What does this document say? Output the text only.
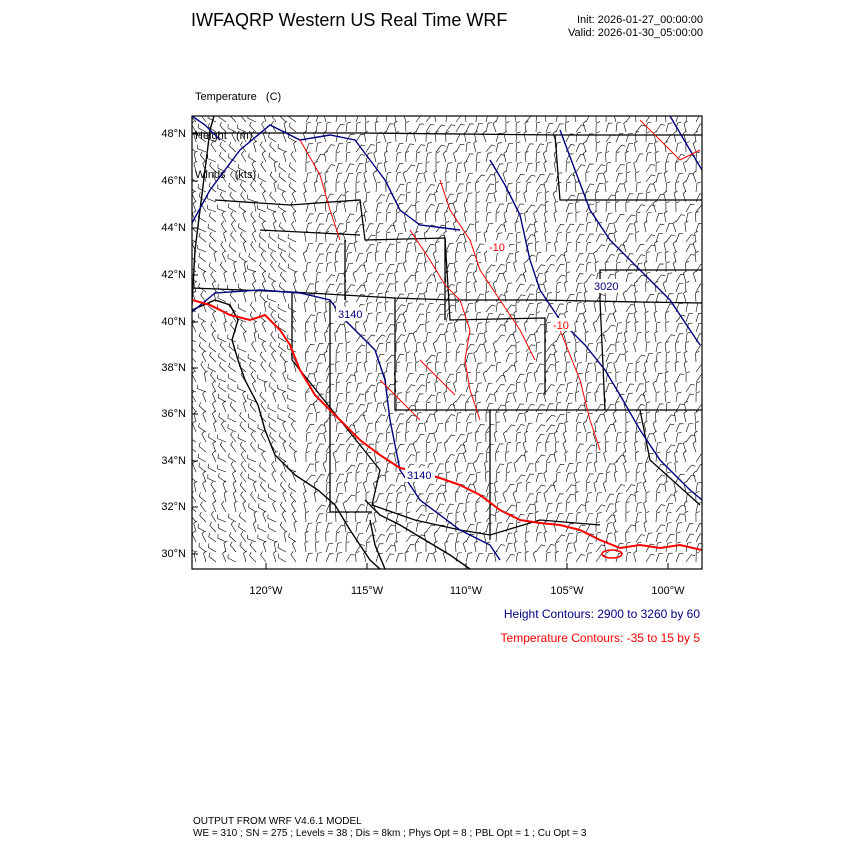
IWFAQRP Western US Real Time WRF	Init: 2026-01-27_00:00:00
Valid: 2026-01-30_05:00:00

Temperature   (C)

Height   (m)

Winds   (kts)

3140
3140
3020
-10
-10
48°N
46°N
44°N
42°N
40°N
38°N
36°N
34°N
32°N
30°N
120°W	115°W	110°W	105°W	100°W
Height Contours: 2900 to 3260 by 60
Temperature Contours: -35 to 15 by 5
OUTPUT FROM WRF V4.6.1 MODEL
WE = 310 ; SN = 275 ; Levels = 38 ; Dis = 8km ; Phys Opt = 8 ; PBL Opt = 1 ; Cu Opt = 3
